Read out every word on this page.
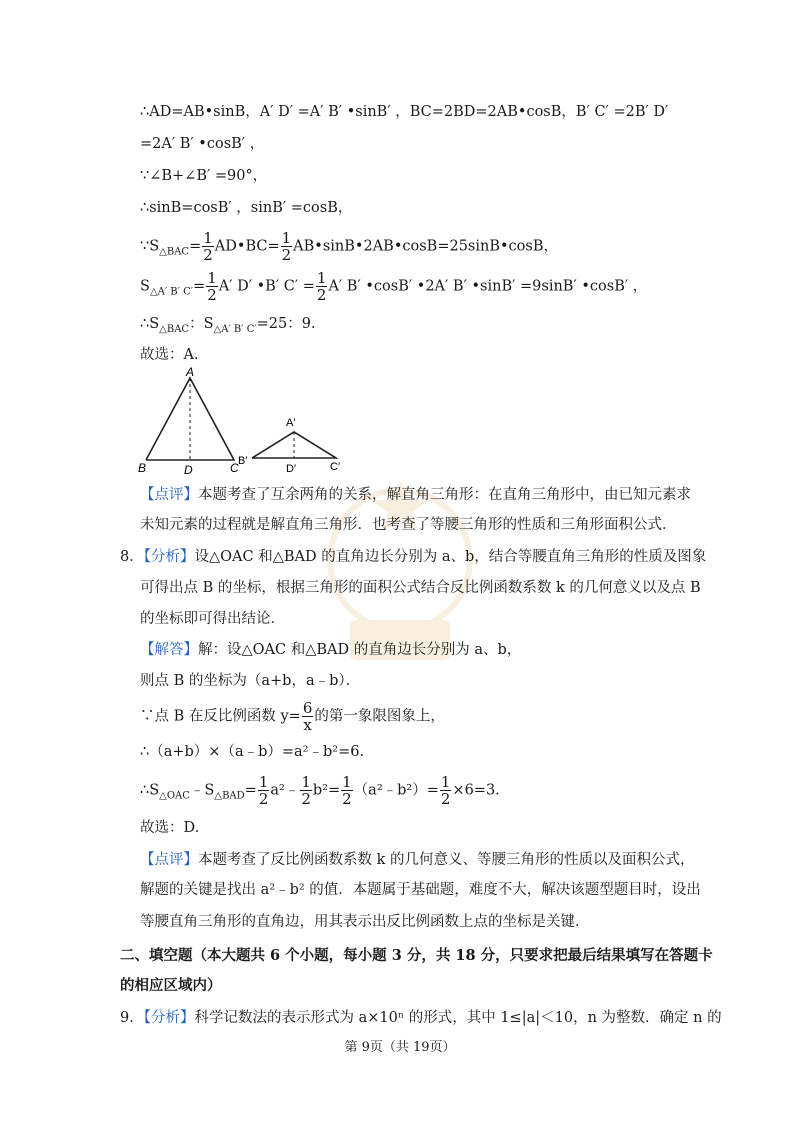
∴AD=AB•sinB，A′ D′ =A′ B′ •sinB′ ，BC=2BD=2AB•cosB，B′ C′ =2B′ D′
=2A′ B′ •cosB′ ，
∵∠B+∠B′ =90°，
∴sinB=cosB′ ，sinB′ =cosB，
$\because S_{\triangle BAC}= \frac{1}{2}$ AD•BC= $\frac{1}{2}$ AB•sinB•2AB•cosB=25sinB•cosB，
$S_{\triangle A' B' C'}= \frac{1}{2} A'$ D′ •B′ $C' = \frac{1}{2} A'$ B′ •cosB′ •2A′ B′ •sinB′ =9sinB′ •cosB′ ，
$\therefore S_{\triangle BAC}$：$S_{\triangle A' B' C'}=25$：9.
故选：A.
A
B	D	C
A′
B′
D′	C′
【点评】本题考查了互余两角的关系，解直角三角形：在直角三角形中，由已知元素求
未知元素的过程就是解直角三角形．也考查了等腰三角形的性质和三角形面积公式．
8．【分析】设△OAC 和△BAD 的直角边长分别为 a、b，结合等腰直角三角形的性质及图象
可得出点 B 的坐标，根据三角形的面积公式结合反比例函数系数 k 的几何意义以及点 B
的坐标即可得出结论．
【解答】解：设△OAC 和△BAD 的直角边长分别为 a、b，
则点 B 的坐标为（a+b，a﹣b）．
∵点 B 在反比例函数 $y= \frac{6}{x}$ 的第一象限图象上，
∴（a+b）×（a﹣b）=a²﹣b²=6.
$\therefore S_{\triangle OAC}﹣S_{\triangle BAD}= \frac{1}{2}$ a²﹣ $\frac{1}{2} b^2= \frac{1}{2}$ （a²﹣b²）= $\frac{1}{2} \times 6=3$.
故选：D.
【点评】本题考查了反比例函数系数 k 的几何意义、等腰三角形的性质以及面积公式，
解题的关键是找出 a²﹣b² 的值．本题属于基础题，难度不大，解决该题型题目时，设出
等腰直角三角形的直角边，用其表示出反比例函数上点的坐标是关键．
二、填空题（本大题共 6 个小题，每小题 3 分，共 18 分，只要求把最后结果填写在答题卡
的相应区域内）
9．【分析】科学记数法的表示形式为 a×10ⁿ 的形式，其中 1≤|a|＜10，n 为整数．确定 n 的
第 9页（共 19页）
